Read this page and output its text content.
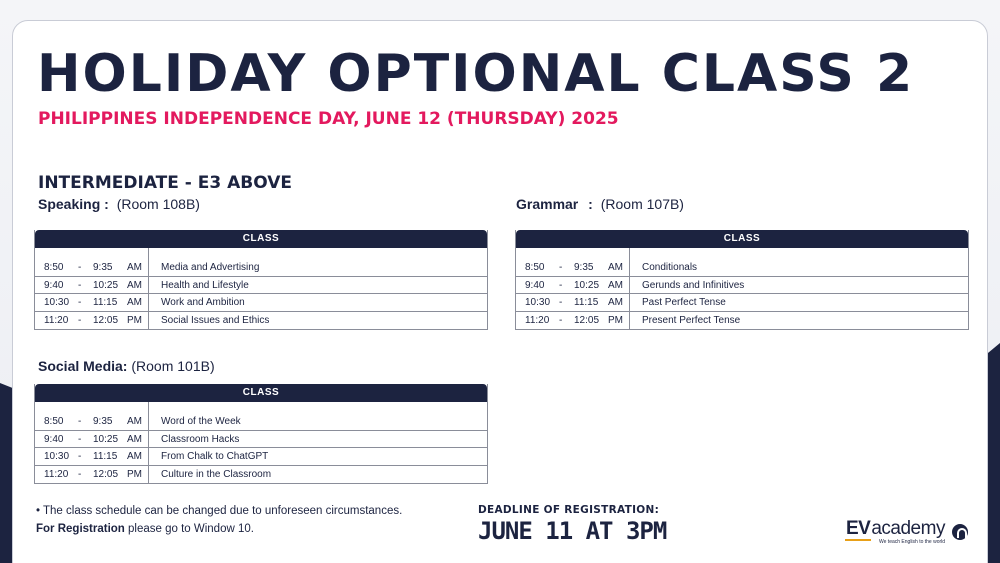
HOLIDAY OPTIONAL CLASS 2
PHILIPPINES INDEPENDENCE DAY, JUNE 12 (THURSDAY) 2025
INTERMEDIATE - E3 ABOVE
Speaking : (Room 108B)	Grammar : (Room 107B)
CLASS
8:50 - 9:35 AM	Media and Advertising
9:40 - 10:25 AM	Health and Lifestyle
10:30 - 11:15 AM	Work and Ambition
11:20 - 12:05 PM	Social Issues and Ethics
CLASS
8:50 - 9:35 AM	Conditionals
9:40 - 10:25 AM	Gerunds and Infinitives
10:30 - 11:15 AM	Past Perfect Tense
11:20 - 12:05 PM	Present Perfect Tense
Social Media: (Room 101B)
CLASS
8:50 - 9:35 AM	Word of the Week
9:40 - 10:25 AM	Classroom Hacks
10:30 - 11:15 AM	From Chalk to ChatGPT
11:20 - 12:05 PM	Culture in the Classroom
• The class schedule can be changed due to unforeseen circumstances.
For Registration please go to Window 10.
DEADLINE OF REGISTRATION:
JUNE 11 AT 3PM	EVacademy
We teach English to the world
